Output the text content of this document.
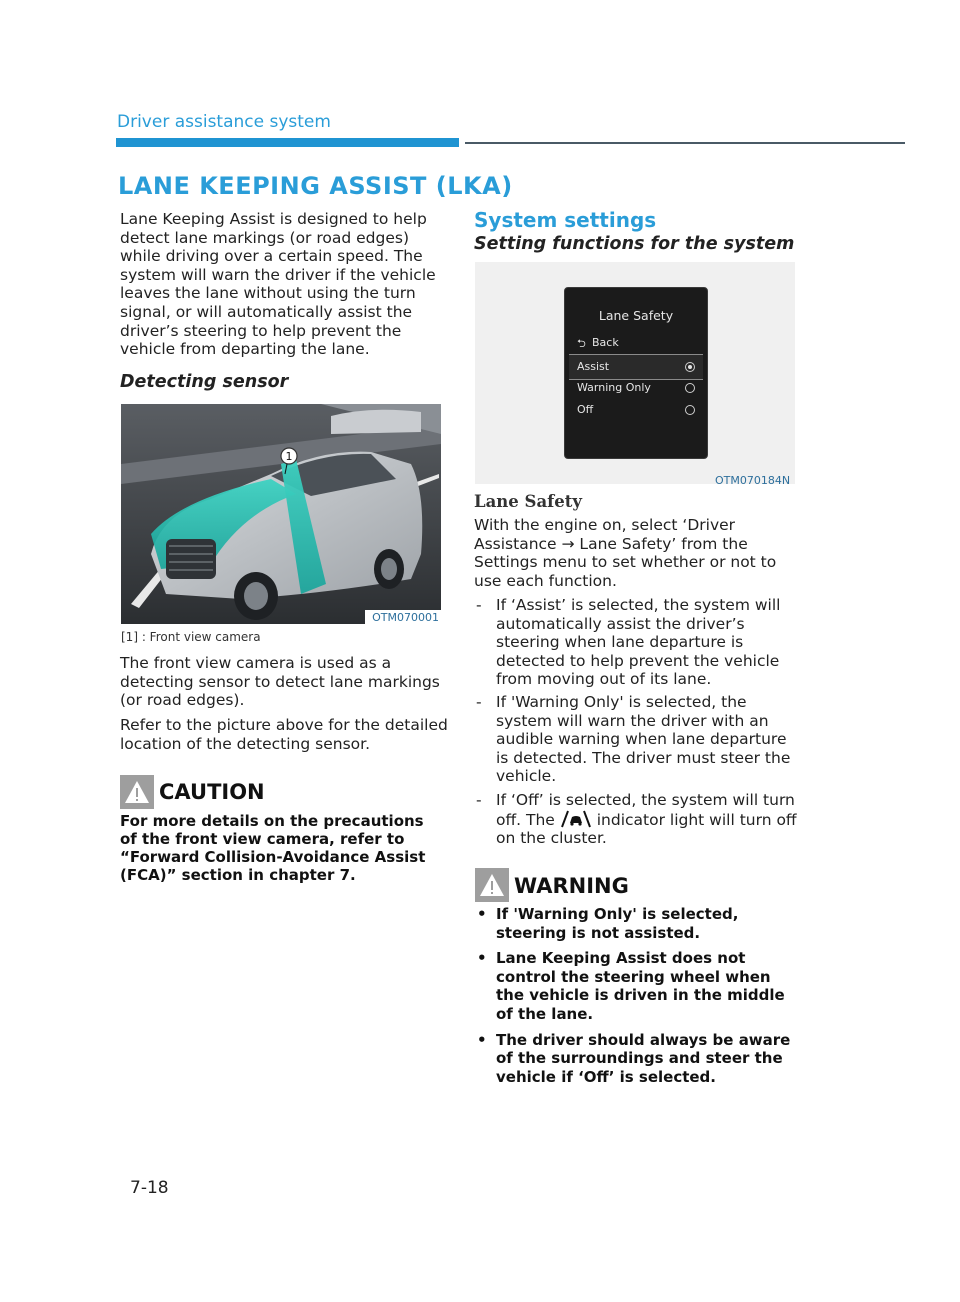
Driver assistance system
LANE KEEPING ASSIST (LKA)
Lane Keeping Assist is designed to help detect lane markings (or road edges) while driving over a certain speed. The system will warn the driver if the vehicle leaves the lane without using the turn signal, or will automatically assist the driver’s steering to help prevent the vehicle from departing the lane.
Detecting sensor
1
OTM070001
[1] : Front view camera
The front view camera is used as a detecting sensor to detect lane markings (or road edges).
Refer to the picture above for the detailed location of the detecting sensor.
CAUTION
For more details on the precautions of the front view camera, refer to “Forward Collision-Avoidance Assist (FCA)” section in chapter 7.
System settings
Setting functions for the system
Lane Safety
⮌ Back
Assist
Warning Only
Off
OTM070184N
Lane Safety
With the engine on, select ‘Driver Assistance → Lane Safety’ from the Settings menu to set whether or not to use each function.
- If ‘Assist’ is selected, the system will automatically assist the driver’s steering when lane departure is detected to help prevent the vehicle from moving out of its lane.
- If 'Warning Only' is selected, the system will warn the driver with an audible warning when lane departure is detected. The driver must steer the vehicle.
- If ‘Off’ is selected, the system will turn off. The	indicator light will turn off on the cluster.
WARNING
• If 'Warning Only' is selected, steering is not assisted.
• Lane Keeping Assist does not control the steering wheel when the vehicle is driven in the middle of the lane.
• The driver should always be aware of the surroundings and steer the vehicle if ‘Off’ is selected.
7-18
